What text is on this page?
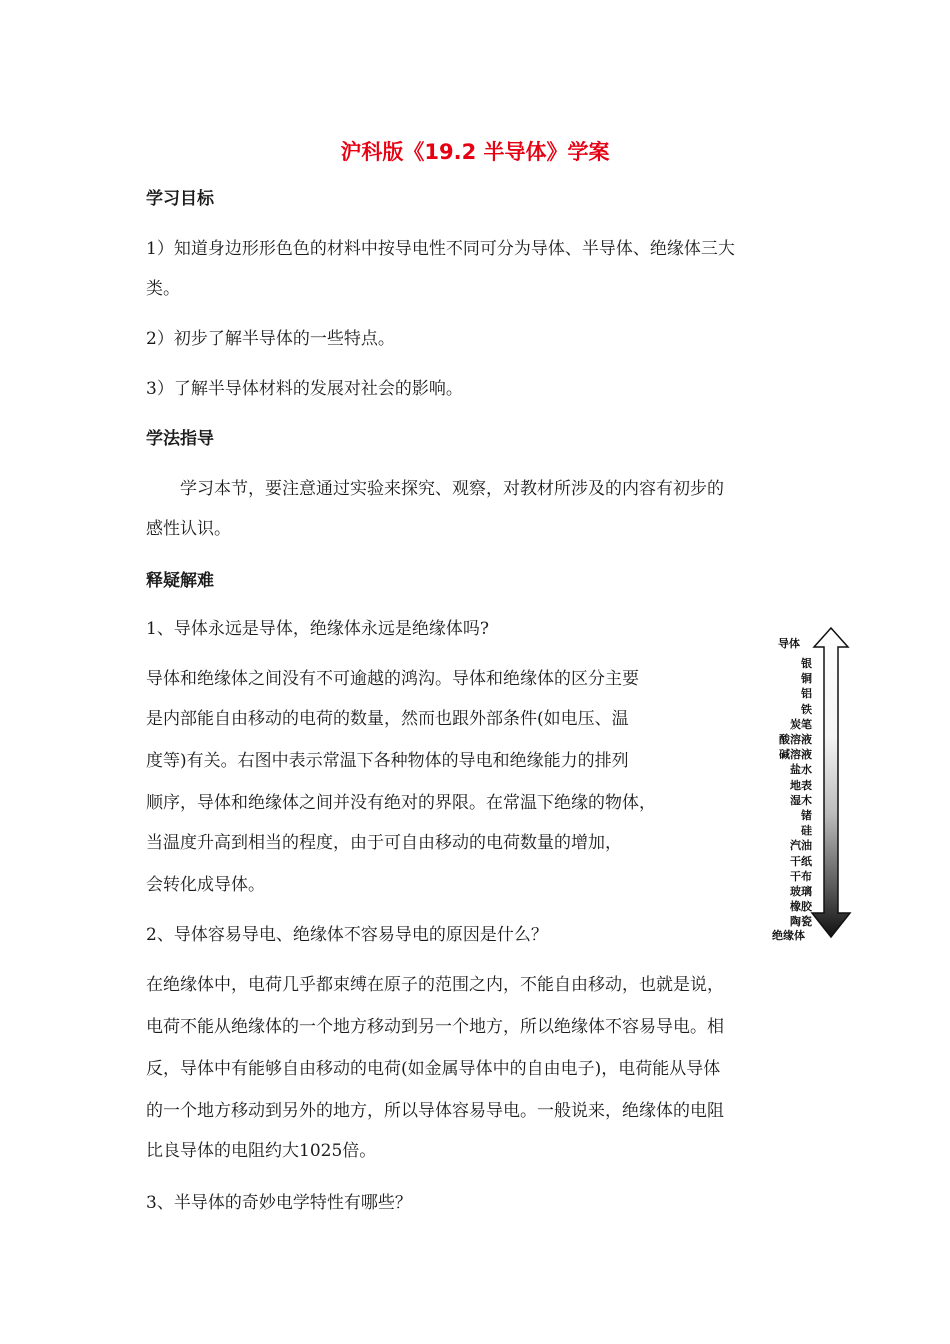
沪科版《19.2 半导体》学案
学习目标
1）知道身边形形色色的材料中按导电性不同可分为导体、半导体、绝缘体三大
类。
2）初步了解半导体的一些特点。
3）了解半导体材料的发展对社会的影响。
学法指导
学习本节，要注意通过实验来探究、观察，对教材所涉及的内容有初步的
感性认识。
释疑解难
1、导体永远是导体，绝缘体永远是绝缘体吗?
导体和绝缘体之间没有不可逾越的鸿沟。导体和绝缘体的区分主要
是内部能自由移动的电荷的数量，然而也跟外部条件(如电压、温
度等)有关。右图中表示常温下各种物体的导电和绝缘能力的排列
顺序，导体和绝缘体之间并没有绝对的界限。在常温下绝缘的物体，
当温度升高到相当的程度，由于可自由移动的电荷数量的增加，
会转化成导体。
2、导体容易导电、绝缘体不容易导电的原因是什么？
在绝缘体中，电荷几乎都束缚在原子的范围之内，不能自由移动，也就是说，
电荷不能从绝缘体的一个地方移动到另一个地方，所以绝缘体不容易导电。相
反，导体中有能够自由移动的电荷(如金属导体中的自由电子)，电荷能从导体
的一个地方移动到另外的地方，所以导体容易导电。一般说来，绝缘体的电阻
比良导体的电阻约大1025倍。
3、半导体的奇妙电学特性有哪些？
导体
银
铜
铝
铁
炭笔
酸溶液
碱溶液
盐水
地表
湿木
锗
硅
汽油
干纸
干布
玻璃
橡胶
陶瓷
绝缘体
